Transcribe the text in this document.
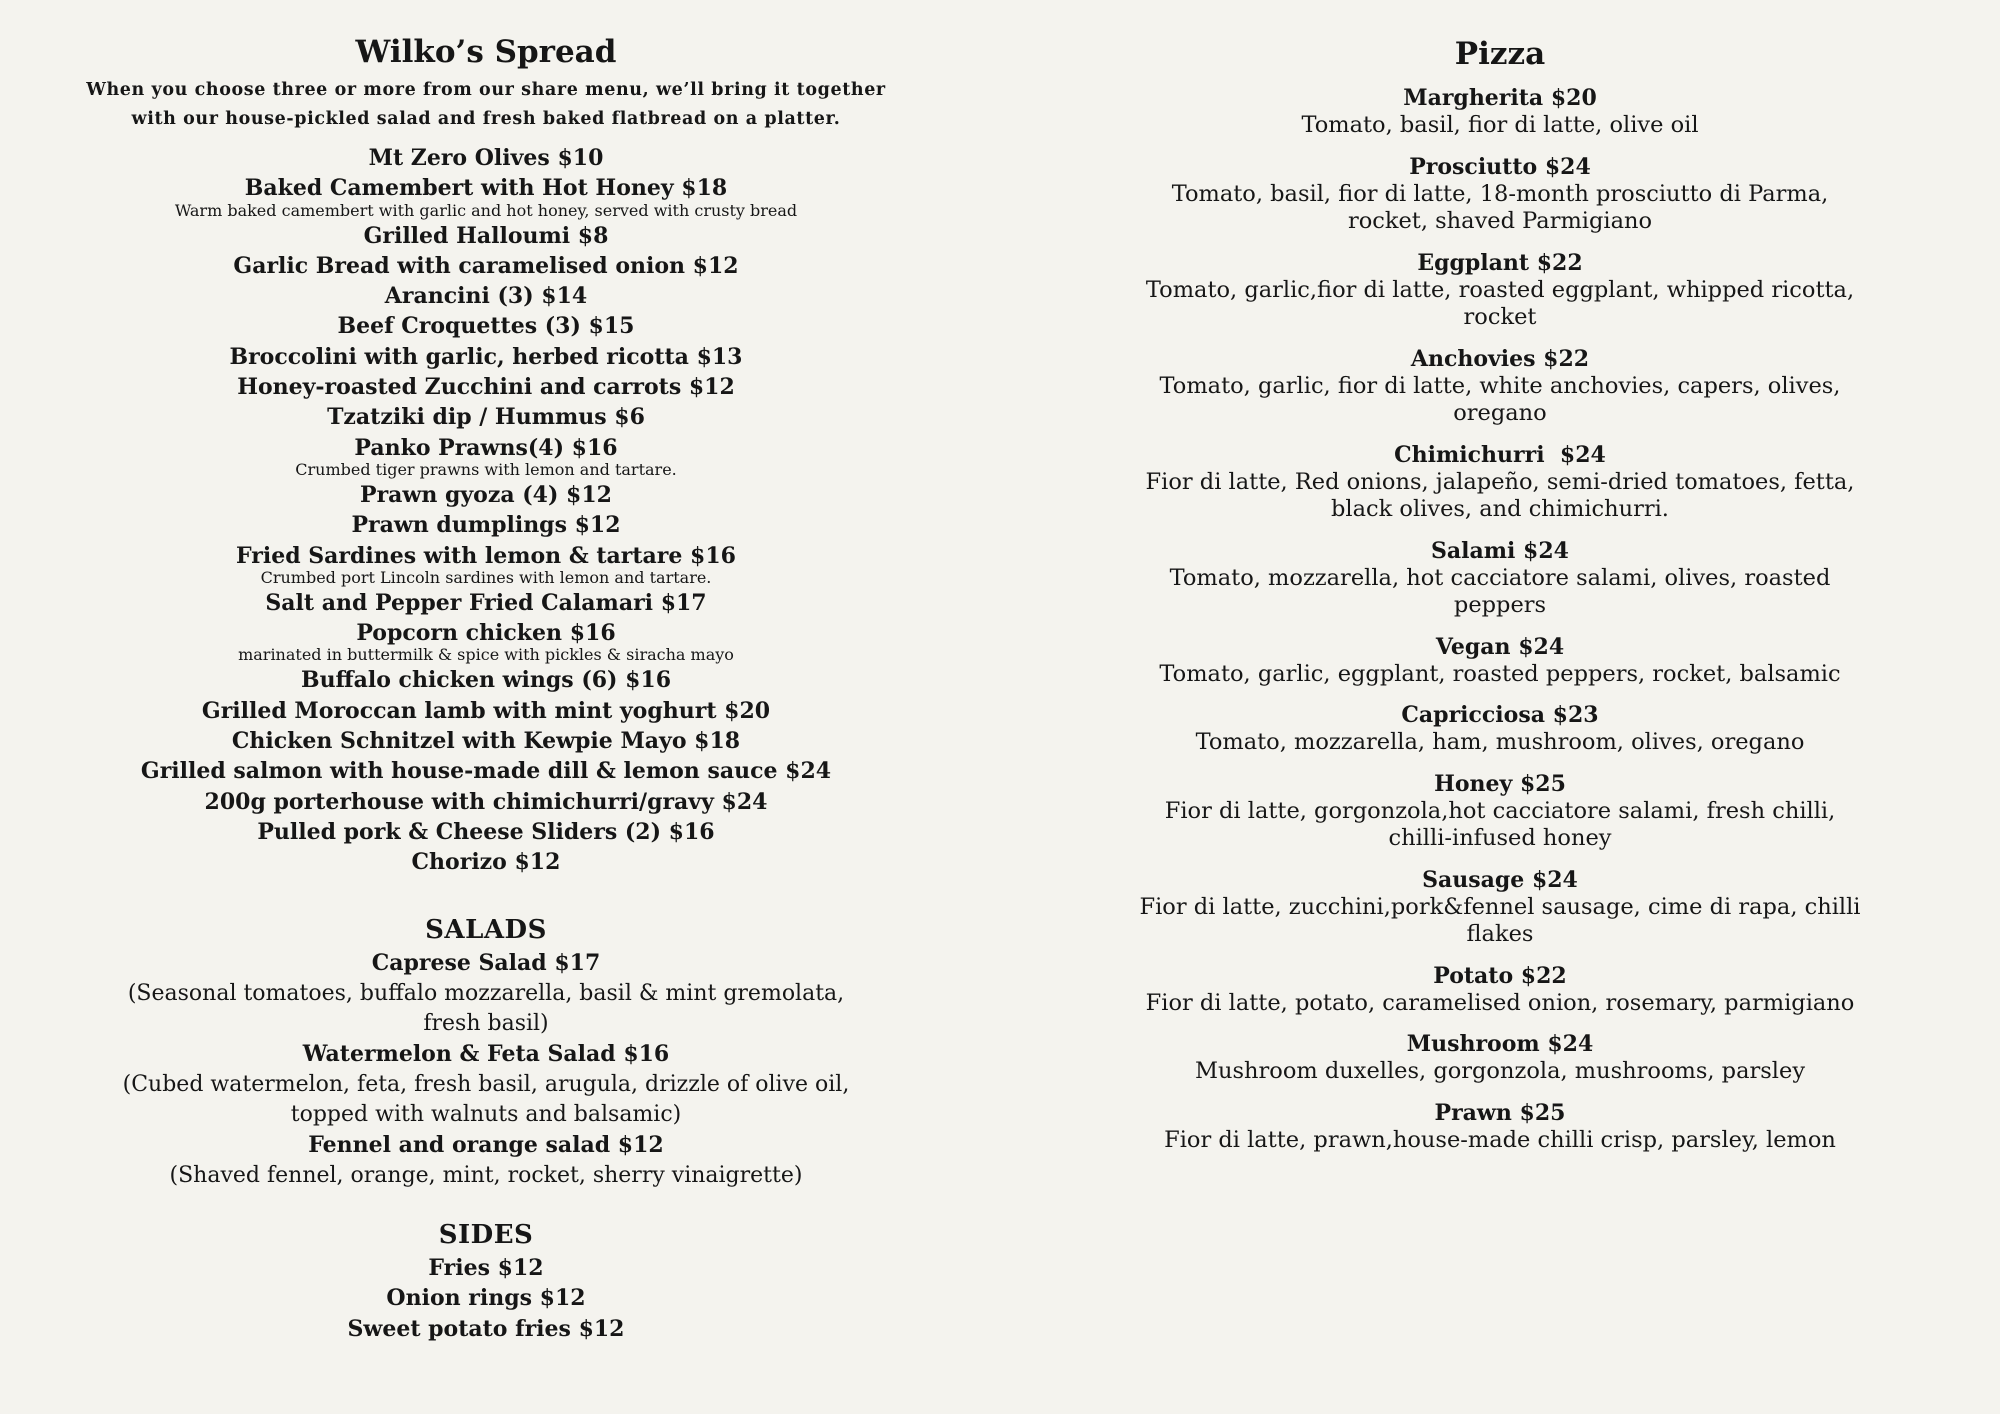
Wilko’s Spread
When you choose three or more from our share menu, we’ll bring it together
with our house-pickled salad and fresh baked flatbread on a platter.
Mt Zero Olives $10
Baked Camembert with Hot Honey $18
Warm baked camembert with garlic and hot honey, served with crusty bread
Grilled Halloumi $8
Garlic Bread with caramelised onion $12
Arancini (3) $14
Beef Croquettes (3) $15
Broccolini with garlic, herbed ricotta $13
Honey-roasted Zucchini and carrots $12
Tzatziki dip / Hummus $6
Panko Prawns(4) $16
Crumbed tiger prawns with lemon and tartare.
Prawn gyoza (4) $12
Prawn dumplings $12
Fried Sardines with lemon & tartare $16
Crumbed port Lincoln sardines with lemon and tartare.
Salt and Pepper Fried Calamari $17
Popcorn chicken $16
marinated in buttermilk & spice with pickles & siracha mayo
Buffalo chicken wings (6) $16
Grilled Moroccan lamb with mint yoghurt $20
Chicken Schnitzel with Kewpie Mayo $18
Grilled salmon with house-made dill & lemon sauce $24
200g porterhouse with chimichurri/gravy $24
Pulled pork & Cheese Sliders (2) $16
Chorizo $12
SALADS
Caprese Salad $17
(Seasonal tomatoes, buffalo mozzarella, basil & mint gremolata,
fresh basil)
Watermelon & Feta Salad $16
(Cubed watermelon, feta, fresh basil, arugula, drizzle of olive oil,
topped with walnuts and balsamic)
Fennel and orange salad $12
(Shaved fennel, orange, mint, rocket, sherry vinaigrette)
SIDES
Fries $12
Onion rings $12
Sweet potato fries $12
Pizza
Margherita $20
Tomato, basil, fior di latte, olive oil
Prosciutto $24
Tomato, basil, fior di latte, 18-month prosciutto di Parma,
rocket, shaved Parmigiano
Eggplant $22
Tomato, garlic,fior di latte, roasted eggplant, whipped ricotta,
rocket
Anchovies $22
Tomato, garlic, fior di latte, white anchovies, capers, olives,
oregano
Chimichurri  $24
Fior di latte, Red onions, jalapeño, semi-dried tomatoes, fetta,
black olives, and chimichurri.
Salami $24
Tomato, mozzarella, hot cacciatore salami, olives, roasted
peppers
Vegan $24
Tomato, garlic, eggplant, roasted peppers, rocket, balsamic
Capricciosa $23
Tomato, mozzarella, ham, mushroom, olives, oregano
Honey $25
Fior di latte, gorgonzola,hot cacciatore salami, fresh chilli,
chilli-infused honey
Sausage $24
Fior di latte, zucchini,pork&fennel sausage, cime di rapa, chilli
flakes
Potato $22
Fior di latte, potato, caramelised onion, rosemary, parmigiano
Mushroom $24
Mushroom duxelles, gorgonzola, mushrooms, parsley
Prawn $25
Fior di latte, prawn,house-made chilli crisp, parsley, lemon
